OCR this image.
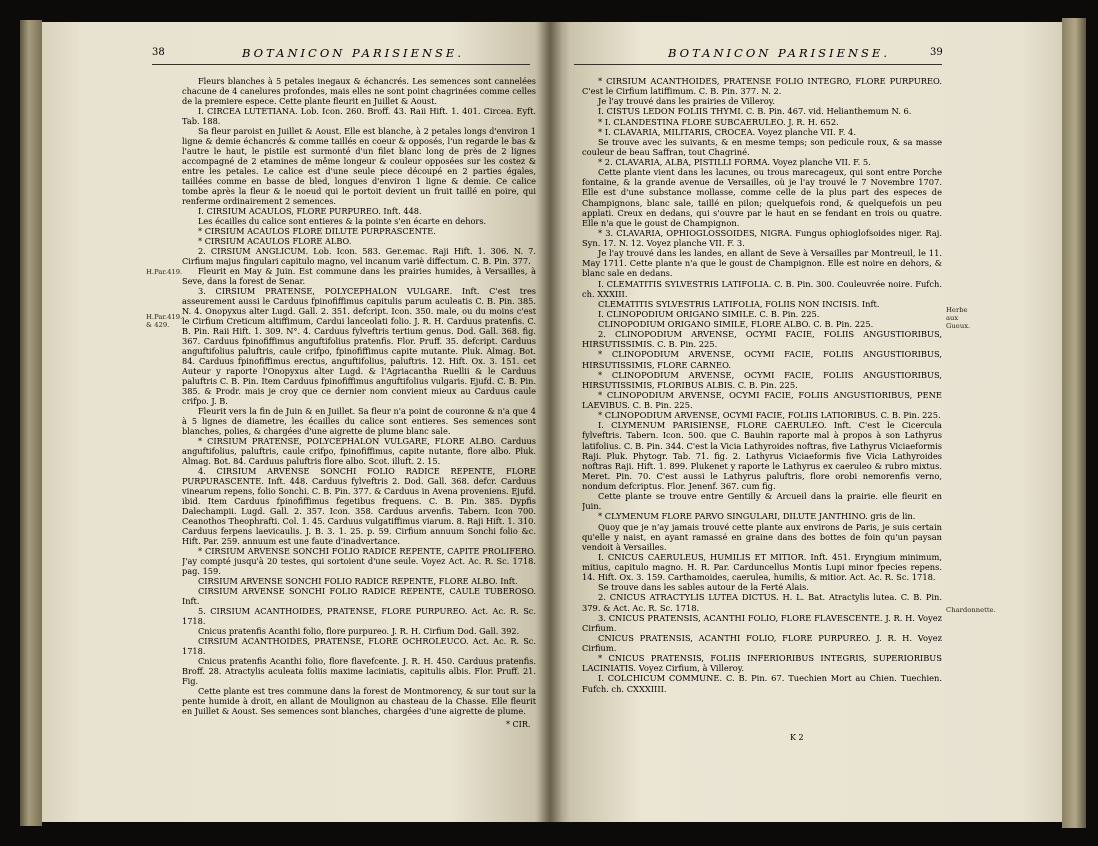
38	BOTANICON PARISIENSE.	BOTANICON PARISIENSE.	39
H.Par.419.
H.Par.419. & 429.
Chardonnette.
Herbe aux Gueux.

Fleurs blanches à 5 petales inegaux & échancrés. Les semences sont cannelées chacune de 4 canelures profondes, mais elles ne sont point chagrinées comme celles de la premiere espece. Cette plante fleurit en Juillet & Aoust.

I. CIRCEA LUTETIANA. Lob. Icon. 260. Broff. 43. Raii Hift. 1. 401. Circea. Eyft. Tab. 188.

Sa fleur paroist en Juillet & Aoust. Elle est blanche, à 2 petales longs d'environ 1 ligne & demie échancrés & comme taillés en coeur & opposés, l'un regarde le bas & l'autre le haut, le pistile est surmonté d'un filet blanc long de près de 2 lignes accompagné de 2 etamines de même longeur & couleur opposées sur les costez & entre les petales. Le calice est d'une seule piece découpé en 2 parties égales, taillées comme en basse de bled, longues d'environ 1 ligne & demie. Ce calice tombe après la fleur & le noeud qui le portoit devient un fruit taillé en poire, qui renferme ordinairement 2 semences.

I. CIRSIUM ACAULOS, FLORE PURPUREO. Inft. 448.

Les écailles du calice sont entieres & la pointe s'en écarte en dehors.

* CIRSIUM ACAULOS FLORE DILUTE PURPRASCENTE.

* CIRSIUM ACAULOS FLORE ALBO.

2. CIRSIUM ANGLICUM. Lob. Icon. 583. Ger.emac. Raji Hift. 1. 306. N. 7. Cirfium majus fingulari capitulo magno, vel incanum variè diffectum. C. B. Pin. 377.

Fleurit en May & Juin. Est commune dans les prairies humides, à Versailles, à Seve, dans la forest de Senar.

3. CIRSIUM PRATENSE, POLYCEPHALON VULGARE. Inft. C'est tres asseurement aussi le Carduus fpinofiffimus capitulis parum aculeatis C. B. Pin. 385. N. 4. Onopyxus alter Lugd. Gall. 2. 351. defcript. Icon. 350. male, ou du moins c'est le Cirfium Creticum altiffimum, Cardui lanceolati folio. J. R. H. Carduus pratenfis. C. B. Pin. Raii Hift. 1. 309. N°. 4. Carduus fylveftris tertium genus. Dod. Gall. 368. fig. 367. Carduus fpinofiffimus anguftifolius pratenfis. Flor. Pruff. 35. defcript. Carduus anguftifolius paluftris, caule crifpo, fpinofiffimus capite mutante. Pluk. Almag. Bot. 84. Carduus fpinofiffimus erectus, anguftifolius, paluftris. 12. Hift. Ox. 3. 151. cet Auteur y raporte l'Onopyxus alter Lugd. & l'Agriacantha Ruellii & le Carduus paluftris C. B. Pin. Item Carduus fpinofiffimus anguftifolius vulgaris. Ejufd. C. B. Pin. 385. & Prodr. mais je croy que ce dernier nom convient mieux au Carduus caule crifpo. J. B.

Fleurit vers la fin de Juin & en Juillet. Sa fleur n'a point de couronne & n'a que 4 à 5 lignes de diametre, les écailles du calice sont entieres. Ses semences sont blanches, polies, & chargées d'une aigrette de plume blanc sale.

* CIRSIUM PRATENSE, POLYCEPHALON VULGARE, FLORE ALBO. Carduus anguftifolius, paluftris, caule crifpo, fpinofiffimus, capite nutante, flore albo. Pluk. Almag. Bot. 84. Carduus paluftris flore albo. Scot. illuft. 2. 15.

4. CIRSIUM ARVENSE SONCHI FOLIO RADICE REPENTE, FLORE PURPURASCENTE. Inft. 448. Carduus fylveftris 2. Dod. Gall. 368. defcr. Carduus vinearum repens, folio Sonchi. C. B. Pin. 377. & Carduus in Avena proveniens. Ejufd. ibid. Item Carduus fpinofiffimus fegetibus frequens. C. B. Pin. 385. Dypfis Dalechampii. Lugd. Gall. 2. 357. Icon. 358. Carduus arvenfis. Tabern. Icon 700. Ceanothos Theophrafti. Col. 1. 45. Carduus vulgatiffimus viarum. 8. Raji Hift. 1. 310. Carduus ferpens laevicaulis. J. B. 3. 1. 25. p. 59. Cirfium annuum Sonchi folio &c. Hift. Par. 259. annuum est une faute d'inadvertance.

* CIRSIUM ARVENSE SONCHI FOLIO RADICE REPENTE, CAPITE PROLIFERO. J'ay compté jusqu'à 20 testes, qui sortoient d'une seule. Voyez Act. Ac. R. Sc. 1718. pag. 159.

CIRSIUM ARVENSE SONCHI FOLIO RADICE REPENTE, FLORE ALBO. Inft.

CIRSIUM ARVENSE SONCHI FOLIO RADICE REPENTE, CAULE TUBEROSO. Inft.

5. CIRSIUM ACANTHOIDES, PRATENSE, FLORE PURPUREO. Act. Ac. R. Sc. 1718.

Cnicus pratenfis Acanthi folio, flore purpureo. J. R. H. Cirfium Dod. Gall. 392.

CIRSIUM ACANTHOIDES, PRATENSE, FLORE OCHROLEUCO. Act. Ac. R. Sc. 1718.

Cnicus pratenfis Acanthi folio, flore flavefcente. J. R. H. 450. Carduus pratenfis. Broff. 28. Atractylis aculeata foliis maxime laciniatis, capitulis albis. Flor. Pruff. 21. Fig.

Cette plante est tres commune dans la forest de Montmorency, & sur tout sur la pente humide à droit, en allant de Moulignon au chasteau de la Chasse. Elle fleurit en Juillet & Aoust. Ses semences sont blanches, chargées d'une aigrette de plume.

* CIR.

* CIRSIUM ACANTHOIDES, PRATENSE FOLIO INTEGRO, FLORE PURPUREO. C'est le Cirfium latiffimum. C. B. Pin. 377. N. 2.

Je l'ay trouvé dans les prairies de Villeroy.

I. CISTUS LEDON FOLIIS THYMI. C. B. Pin. 467. vid. Helianthemum N. 6.

* I. CLANDESTINA FLORE SUBCAERULEO. J. R. H. 652.

* I. CLAVARIA, MILITARIS, CROCEA. Voyez planche VII. F. 4.

Se trouve avec les suivants, & en mesme temps; son pedicule roux, & sa masse couleur de beau Saffran, tout Chagriné.

* 2. CLAVARIA, ALBA, PISTILLI FORMA. Voyez planche VII. F. 5.

Cette plante vient dans les lacunes, ou trous marecageux, qui sont entre Porche fontaine, & la grande avenue de Versailles, où je l'ay trouvé le 7 Novembre 1707. Elle est d'une substance mollasse, comme celle de la plus part des especes de Champignons, blanc sale, taillé en pilon; quelquefois rond, & quelquefois un peu applati. Creux en dedans, qui s'ouvre par le haut en se fendant en trois ou quatre. Elle n'a que le goust de Champignon.

* 3. CLAVARIA, OPHIOGLOSSOIDES, NIGRA. Fungus ophioglofsoides niger. Raj. Syn. 17. N. 12. Voyez planche VII. F. 3.

Je l'ay trouvé dans les landes, en allant de Seve à Versailles par Montreuil, le 11. May 1711. Cette plante n'a que le goust de Champignon. Elle est noire en dehors, & blanc sale en dedans.

I. CLEMATITIS SYLVESTRIS LATIFOLIA. C. B. Pin. 300. Couleuvrée noire. Fufch. ch. XXXIII.

CLEMATITIS SYLVESTRIS LATIFOLIA, FOLIIS NON INCISIS. Inft.

I. CLINOPODIUM ORIGANO SIMILE. C. B. Pin. 225.

CLINOPODIUM ORIGANO SIMILE, FLORE ALBO. C. B. Pin. 225.

2. CLINOPODIUM ARVENSE, OCYMI FACIE, FOLIIS ANGUSTIORIBUS, HIRSUTISSIMIS. C. B. Pin. 225.

* CLINOPODIUM ARVENSE, OCYMI FACIE, FOLIIS ANGUSTIORIBUS, HIRSUTISSIMIS, FLORE CARNEO.

* CLINOPODIUM ARVENSE, OCYMI FACIE, FOLIIS ANGUSTIORIBUS, HIRSUTISSIMIS, FLORIBUS ALBIS. C. B. Pin. 225.

* CLINOPODIUM ARVENSE, OCYMI FACIE, FOLIIS ANGUSTIORIBUS, PENE LAEVIBUS. C. B. Pin. 225.

* CLINOPODIUM ARVENSE, OCYMI FACIE, FOLIIS LATIORIBUS. C. B. Pin. 225.

I. CLYMENUM PARISIENSE, FLORE CAERULEO. Inft. C'est le Cicercula fylveftris. Tabern. Icon. 500. que C. Bauhin raporte mal à propos à son Lathyrus latifolius. C. B. Pin. 344. C'est la Vicia Lathyroides noftras, five Lathyrus Viciaeformis Raji. Pluk. Phytogr. Tab. 71. fig. 2. Lathyrus Viciaeformis five Vicia Lathyroides noftras Raji. Hift. 1. 899. Plukenet y raporte le Lathyrus ex caeruleo & rubro mixtus. Meret. Pin. 70. C'est aussi le Lathyrus paluftris, flore orobi nemorenfis verno, nondum defcriptus. Flor. Jenenf. 367. cum fig.

Cette plante se trouve entre Gentilly & Arcueil dans la prairie. elle fleurit en Juin.

* CLYMENUM FLORE PARVO SINGULARI, DILUTE JANTHINO. gris de lin.

Quoy que je n'ay jamais trouvé cette plante aux environs de Paris, je suis certain qu'elle y naist, en ayant ramassé en graine dans des bottes de foin qu'un paysan vendoit à Versailles.

I. CNICUS CAERULEUS, HUMILIS ET MITIOR. Inft. 451. Eryngium minimum, mitius, capitulo magno. H. R. Par. Carduncellus Montis Lupi minor fpecies repens. 14. Hift. Ox. 3. 159. Carthamoides, caerulea, humilis, & mitior. Act. Ac. R. Sc. 1718.

Se trouve dans les sables autour de la Ferté Alais.

2. CNICUS ATRACTYLIS LUTEA DICTUS. H. L. Bat. Atractylis lutea. C. B. Pin. 379. & Act. Ac. R. Sc. 1718.

3. CNICUS PRATENSIS, ACANTHI FOLIO, FLORE FLAVESCENTE. J. R. H. Voyez Cirfium.

CNICUS PRATENSIS, ACANTHI FOLIO, FLORE PURPUREO. J. R. H. Voyez Cirfium.

* CNICUS PRATENSIS, FOLIIS INFERIORIBUS INTEGRIS, SUPERIORIBUS LACINIATIS. Voyez Cirfium, à Villeroy.

I. COLCHICUM COMMUNE. C. B. Pin. 67. Tuechien Mort au Chien. Tuechien. Fufch. ch. CXXXIIII.

K 2
